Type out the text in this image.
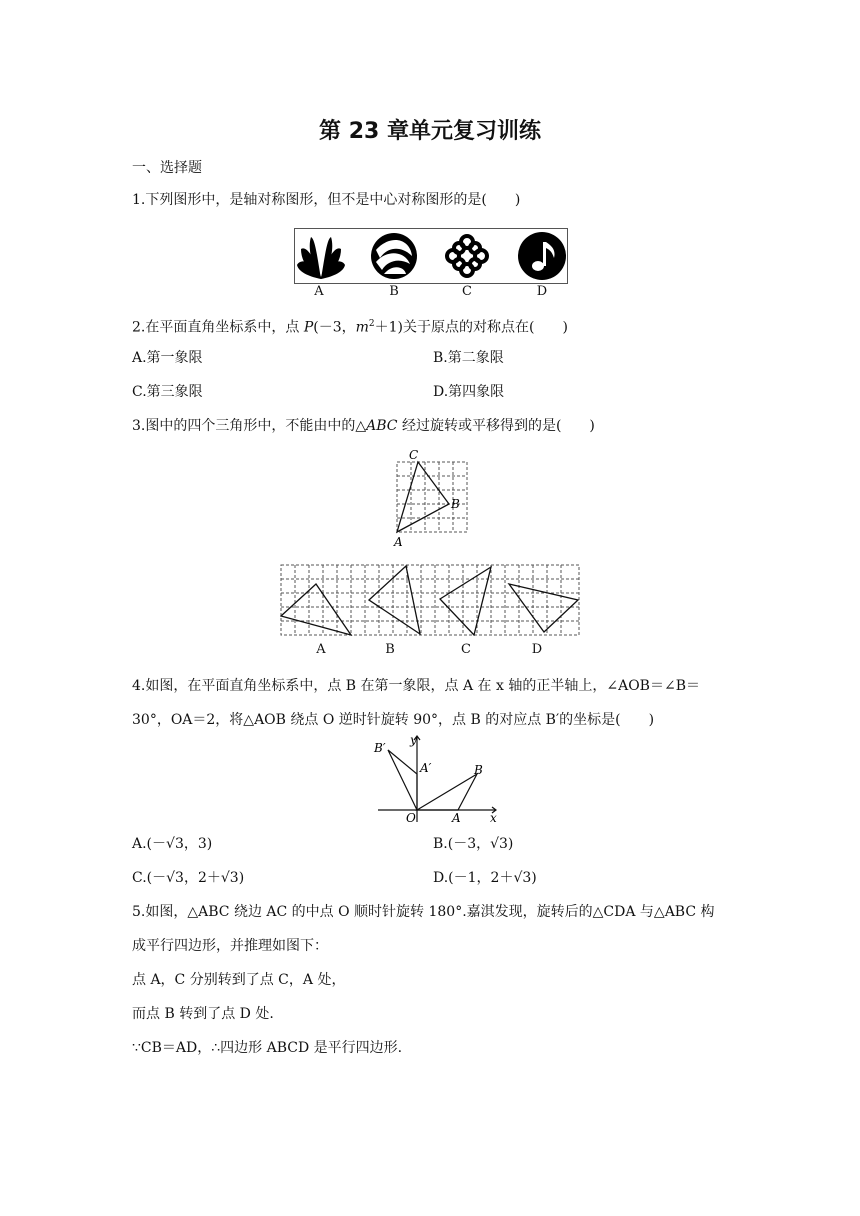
第 23 章单元复习训练
一、选择题
1.下列图形中，是轴对称图形，但不是中心对称图形的是(　　)
A	B	C	D
2.在平面直角坐标系中，点 P(－3，$m^2+1$)关于原点的对称点在(　　)
A.第一象限	B.第二象限
C.第三象限	D.第四象限
3.图中的四个三角形中，不能由中的△ABC 经过旋转或平移得到的是(　　)
C
B
A
A	B	C	D
4.如图，在平面直角坐标系中，点 B 在第一象限，点 A 在 x 轴的正半轴上，∠AOB＝∠B＝
30°，OA＝2，将△AOB 绕点 O 逆时针旋转 90°，点 B 的对应点 B′的坐标是(　　)
y
x
O	A
B
A′
B′
A.(－√3，3)	B.(－3，√3)
C.(－√3，2＋√3)	D.(－1，2＋√3)
5.如图，△ABC 绕边 AC 的中点 O 顺时针旋转 180°.嘉淇发现，旋转后的△CDA 与△ABC 构
成平行四边形，并推理如图下：
点 A，C 分别转到了点 C，A 处，
而点 B 转到了点 D 处.
∵CB＝AD，∴四边形 ABCD 是平行四边形.
